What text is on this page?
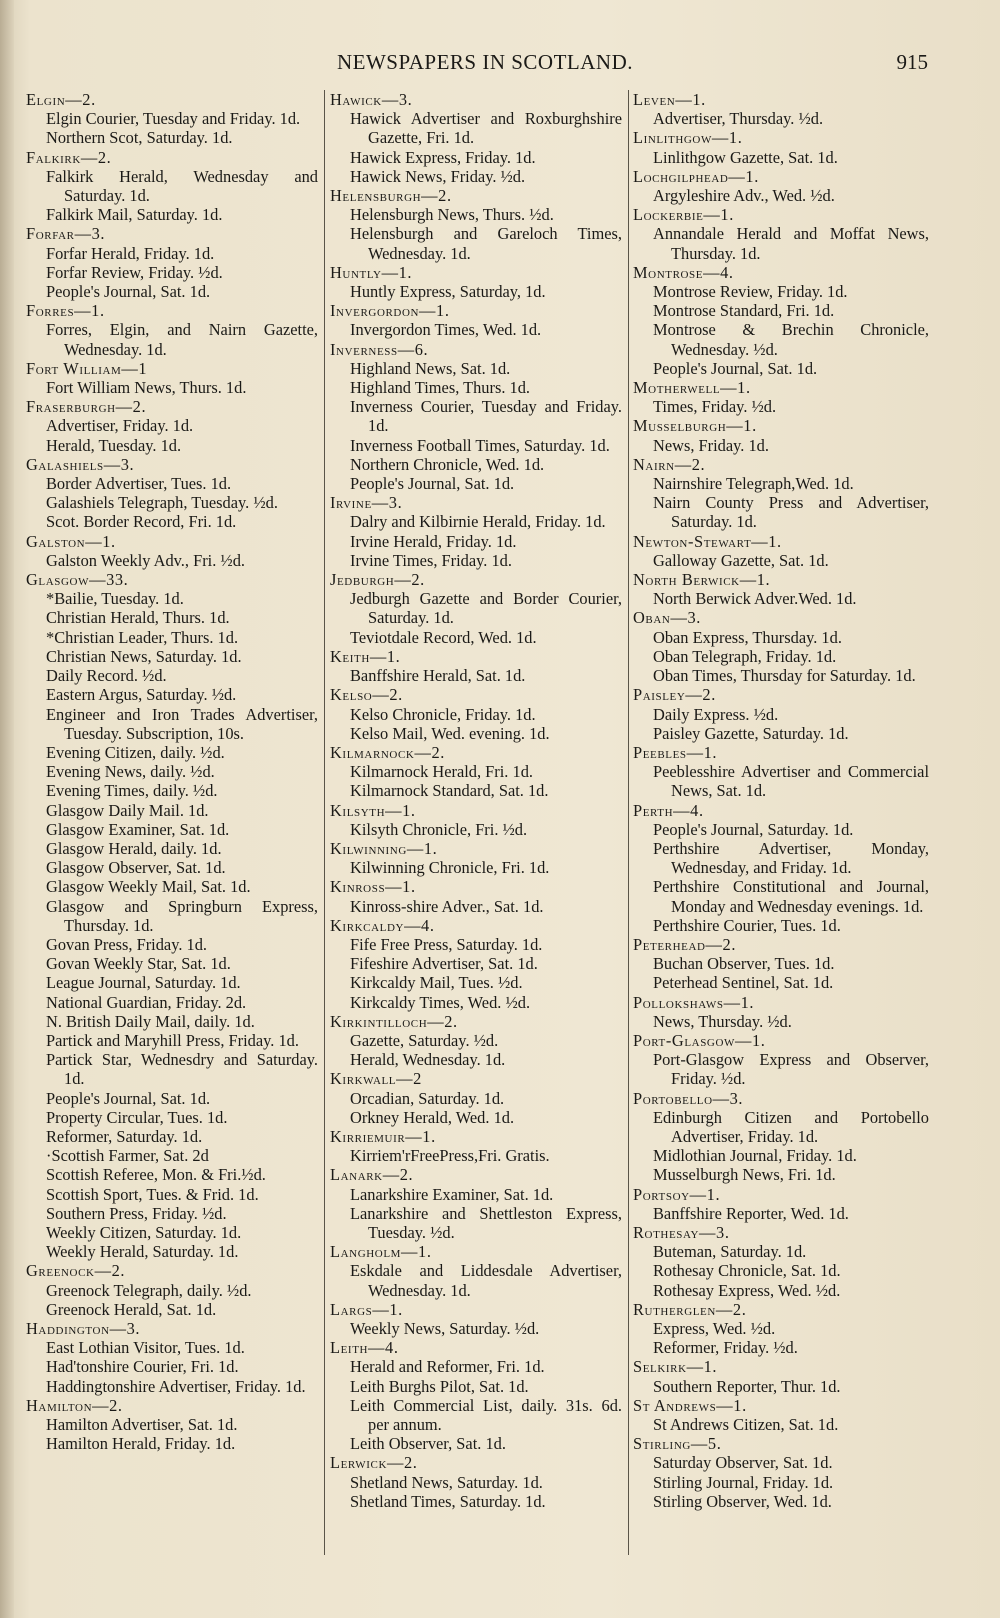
NEWSPAPERS IN SCOTLAND.	915
Elgin—2.
Elgin Courier, Tuesday and Friday. 1d.
Northern Scot, Saturday. 1d.
Falkirk—2.
Falkirk Herald, Wednesday and Saturday. 1d.
Falkirk Mail, Saturday. 1d.
Forfar—3.
Forfar Herald, Friday. 1d.
Forfar Review, Friday. ½d.
People's Journal, Sat. 1d.
Forres—1.
Forres, Elgin, and Nairn Gazette, Wednesday. 1d.
Fort William—1
Fort William News, Thurs. 1d.
Fraserburgh—2.
Advertiser, Friday. 1d.
Herald, Tuesday. 1d.
Galashiels—3.
Border Advertiser, Tues. 1d.
Galashiels Telegraph, Tuesday. ½d.
Scot. Border Record, Fri. 1d.
Galston—1.
Galston Weekly Adv., Fri. ½d.
Glasgow—33.
*Bailie, Tuesday. 1d.
Christian Herald, Thurs. 1d.
*Christian Leader, Thurs. 1d.
Christian News, Saturday. 1d.
Daily Record. ½d.
Eastern Argus, Saturday. ½d.
Engineer and Iron Trades Advertiser, Tuesday. Subscription, 10s.
Evening Citizen, daily. ½d.
Evening News, daily. ½d.
Evening Times, daily. ½d.
Glasgow Daily Mail. 1d.
Glasgow Examiner, Sat. 1d.
Glasgow Herald, daily. 1d.
Glasgow Observer, Sat. 1d.
Glasgow Weekly Mail, Sat. 1d.
Glasgow and Springburn Express, Thursday. 1d.
Govan Press, Friday. 1d.
Govan Weekly Star, Sat. 1d.
League Journal, Saturday. 1d.
National Guardian, Friday. 2d.
N. British Daily Mail, daily. 1d.
Partick and Maryhill Press, Friday. 1d.
Partick Star, Wednesdry and Saturday. 1d.
People's Journal, Sat. 1d.
Property Circular, Tues. 1d.
Reformer, Saturday. 1d.
·Scottish Farmer, Sat. 2d
Scottish Referee, Mon. & Fri.½d.
Scottish Sport, Tues. & Frid. 1d.
Southern Press, Friday. ½d.
Weekly Citizen, Saturday. 1d.
Weekly Herald, Saturday. 1d.
Greenock—2.
Greenock Telegraph, daily. ½d.
Greenock Herald, Sat. 1d.
Haddington—3.
East Lothian Visitor, Tues. 1d.
Had'tonshire Courier, Fri. 1d.
Haddingtonshire Advertiser, Friday. 1d.
Hamilton—2.
Hamilton Advertiser, Sat. 1d.
Hamilton Herald, Friday. 1d.
Hawick—3.
Hawick Advertiser and Roxburghshire Gazette, Fri. 1d.
Hawick Express, Friday. 1d.
Hawick News, Friday. ½d.
Helensburgh—2.
Helensburgh News, Thurs. ½d.
Helensburgh and Gareloch Times, Wednesday. 1d.
Huntly—1.
Huntly Express, Saturday, 1d.
Invergordon—1.
Invergordon Times, Wed. 1d.
Inverness—6.
Highland News, Sat. 1d.
Highland Times, Thurs. 1d.
Inverness Courier, Tuesday and Friday. 1d.
Inverness Football Times, Saturday. 1d.
Northern Chronicle, Wed. 1d.
People's Journal, Sat. 1d.
Irvine—3.
Dalry and Kilbirnie Herald, Friday. 1d.
Irvine Herald, Friday. 1d.
Irvine Times, Friday. 1d.
Jedburgh—2.
Jedburgh Gazette and Border Courier, Saturday. 1d.
Teviotdale Record, Wed. 1d.
Keith—1.
Banffshire Herald, Sat. 1d.
Kelso—2.
Kelso Chronicle, Friday. 1d.
Kelso Mail, Wed. evening. 1d.
Kilmarnock—2.
Kilmarnock Herald, Fri. 1d.
Kilmarnock Standard, Sat. 1d.
Kilsyth—1.
Kilsyth Chronicle, Fri. ½d.
Kilwinning—1.
Kilwinning Chronicle, Fri. 1d.
Kinross—1.
Kinross-shire Adver., Sat. 1d.
Kirkcaldy—4.
Fife Free Press, Saturday. 1d.
Fifeshire Advertiser, Sat. 1d.
Kirkcaldy Mail, Tues. ½d.
Kirkcaldy Times, Wed. ½d.
Kirkintilloch—2.
Gazette, Saturday. ½d.
Herald, Wednesday. 1d.
Kirkwall—2
Orcadian, Saturday. 1d.
Orkney Herald, Wed. 1d.
Kirriemuir—1.
Kirriem'rFreePress,Fri. Gratis.
Lanark—2.
Lanarkshire Examiner, Sat. 1d.
Lanarkshire and Shettleston Express, Tuesday. ½d.
Langholm—1.
Eskdale and Liddesdale Advertiser, Wednesday. 1d.
Largs—1.
Weekly News, Saturday. ½d.
Leith—4.
Herald and Reformer, Fri. 1d.
Leith Burghs Pilot, Sat. 1d.
Leith Commercial List, daily. 31s. 6d. per annum.
Leith Observer, Sat. 1d.
Lerwick—2.
Shetland News, Saturday. 1d.
Shetland Times, Saturday. 1d.
Leven—1.
Advertiser, Thursday. ½d.
Linlithgow—1.
Linlithgow Gazette, Sat. 1d.
Lochgilphead—1.
Argyleshire Adv., Wed. ½d.
Lockerbie—1.
Annandale Herald and Moffat News, Thursday. 1d.
Montrose—4.
Montrose Review, Friday. 1d.
Montrose Standard, Fri. 1d.
Montrose & Brechin Chronicle, Wednesday. ½d.
People's Journal, Sat. 1d.
Motherwell—1.
Times, Friday. ½d.
Musselburgh—1.
News, Friday. 1d.
Nairn—2.
Nairnshire Telegraph,Wed. 1d.
Nairn County Press and Advertiser, Saturday. 1d.
Newton-Stewart—1.
Galloway Gazette, Sat. 1d.
North Berwick—1.
North Berwick Adver.Wed. 1d.
Oban—3.
Oban Express, Thursday. 1d.
Oban Telegraph, Friday. 1d.
Oban Times, Thursday for Saturday. 1d.
Paisley—2.
Daily Express. ½d.
Paisley Gazette, Saturday. 1d.
Peebles—1.
Peeblesshire Advertiser and Commercial News, Sat. 1d.
Perth—4.
People's Journal, Saturday. 1d.
Perthshire Advertiser, Monday, Wednesday, and Friday. 1d.
Perthshire Constitutional and Journal, Monday and Wednesday evenings. 1d.
Perthshire Courier, Tues. 1d.
Peterhead—2.
Buchan Observer, Tues. 1d.
Peterhead Sentinel, Sat. 1d.
Pollokshaws—1.
News, Thursday. ½d.
Port-Glasgow—1.
Port-Glasgow Express and Observer, Friday. ½d.
Portobello—3.
Edinburgh Citizen and Portobello Advertiser, Friday. 1d.
Midlothian Journal, Friday. 1d.
Musselburgh News, Fri. 1d.
Portsoy—1.
Banffshire Reporter, Wed. 1d.
Rothesay—3.
Buteman, Saturday. 1d.
Rothesay Chronicle, Sat. 1d.
Rothesay Express, Wed. ½d.
Rutherglen—2.
Express, Wed. ½d.
Reformer, Friday. ½d.
Selkirk—1.
Southern Reporter, Thur. 1d.
St Andrews—1.
St Andrews Citizen, Sat. 1d.
Stirling—5.
Saturday Observer, Sat. 1d.
Stirling Journal, Friday. 1d.
Stirling Observer, Wed. 1d.
